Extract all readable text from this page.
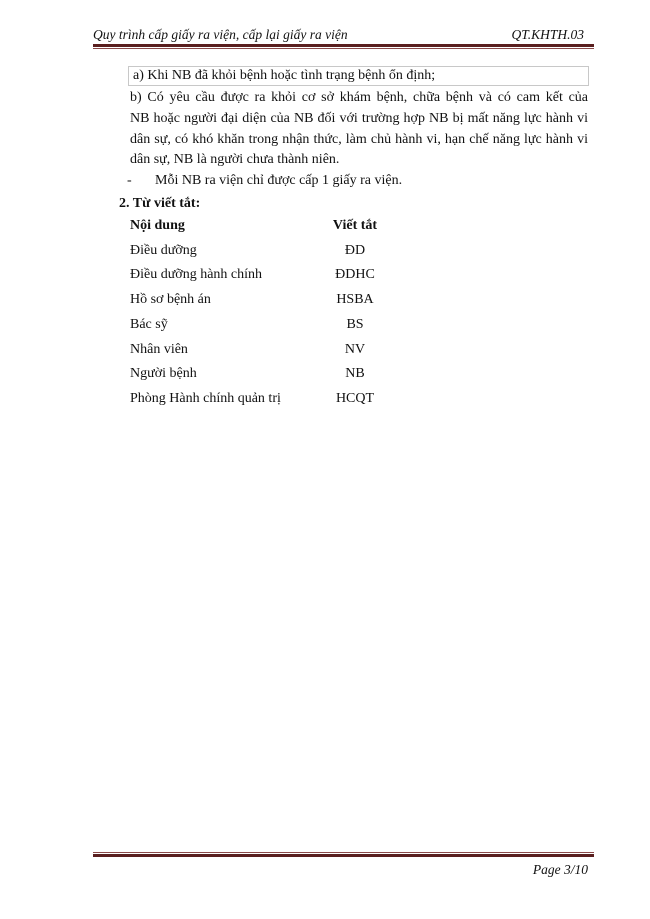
Quy trình cấp giấy ra viện, cấp lại giấy ra viện	QT.KHTH.03
a) Khi NB đã khỏi bệnh hoặc tình trạng bệnh ổn định;
b) Có yêu cầu được ra khỏi cơ sở khám bệnh, chữa bệnh và có cam kết của
NB hoặc người đại diện của NB đối với trường hợp NB bị mất năng lực hành vi
dân sự, có khó khăn trong nhận thức, làm chủ hành vi, hạn chế năng lực hành vi
dân sự, NB là người chưa thành niên.
- Mỗi NB ra viện chỉ được cấp 1 giấy ra viện.
2. Từ viết tắt:
Nội dung	Viết tắt
Điều dưỡng	ĐD
Điều dưỡng hành chính	ĐDHC
Hồ sơ bệnh án	HSBA
Bác sỹ	BS
Nhân viên	NV
Người bệnh	NB
Phòng Hành chính quản trị	HCQT
Page 3/10
